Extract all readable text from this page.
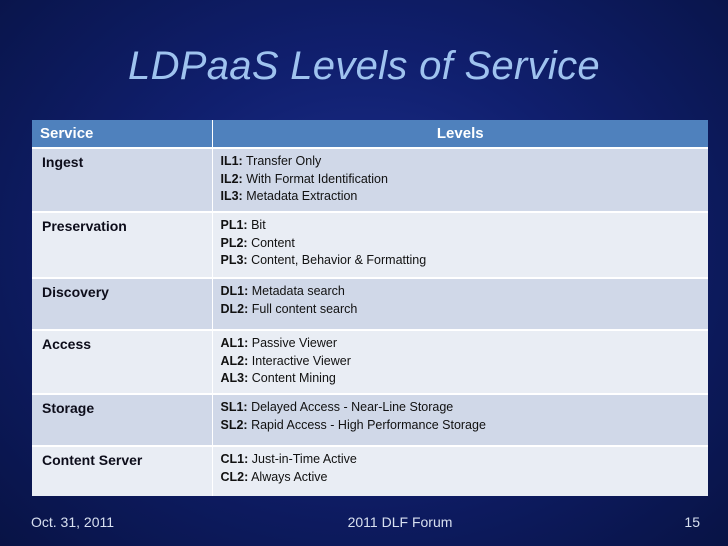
LDPaaS Levels of Service
Service	Levels

Ingest	IL1: Transfer Only
IL2: With Format Identification
IL3: Metadata Extraction

Preservation	PL1: Bit
PL2: Content
PL3: Content, Behavior & Formatting

Discovery	DL1: Metadata search
DL2: Full content search

Access	AL1: Passive Viewer
AL2: Interactive Viewer
AL3: Content Mining

Storage	SL1: Delayed Access - Near-Line Storage
SL2: Rapid Access - High Performance Storage

Content Server	CL1: Just-in-Time Active
CL2: Always Active
Oct. 31, 2011	2011 DLF Forum	15
